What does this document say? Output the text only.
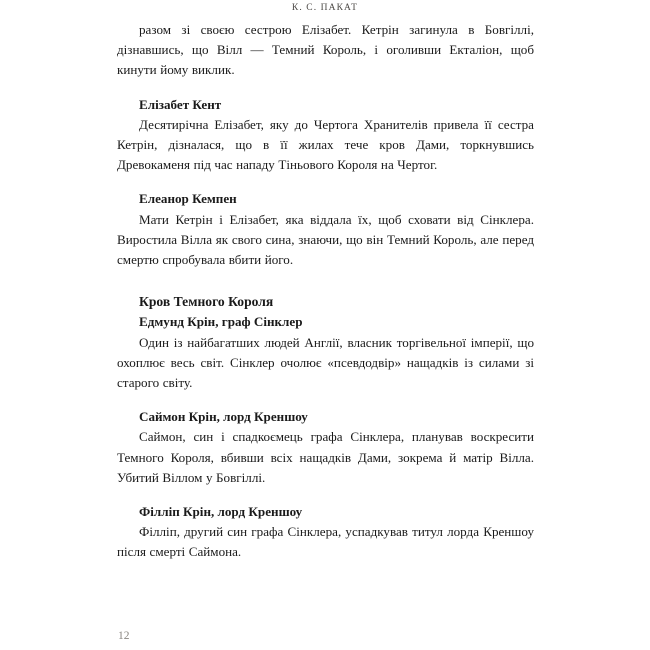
К. С. ПАКАТ

разом зі своєю сестрою Елізабет. Кетрін загинула в Бовгіллі, дізнавшись, що Вілл — Темний Король, і оголивши Екталіон, щоб кинути йому виклик.

Елізабет Кент

Десятирічна Елізабет, яку до Чертога Хранителів привела її сестра Кетрін, дізналася, що в її жилах тече кров Дами, торкнувшись Древокаменя під час нападу Тіньового Короля на Чертог.

Елеанор Кемпен

Мати Кетрін і Елізабет, яка віддала їх, щоб сховати від Сінклера. Виростила Вілла як свого сина, знаючи, що він Темний Король, але перед смертю спробувала вбити його.

Кров Темного Короля
Едмунд Крін, граф Сінклер

Один із найбагатших людей Англії, власник торгівельної імперії, що охоплює весь світ. Сінклер очолює «псевдодвір» нащадків із силами зі старого світу.

Саймон Крін, лорд Креншоу

Саймон, син і спадкоємець графа Сінклера, планував воскресити Темного Короля, вбивши всіх нащадків Дами, зокрема й матір Вілла. Убитий Віллом у Бовгіллі.

Філліп Крін, лорд Креншоу

Філліп, другий син графа Сінклера, успадкував титул лорда Креншоу після смерті Саймона.

12
